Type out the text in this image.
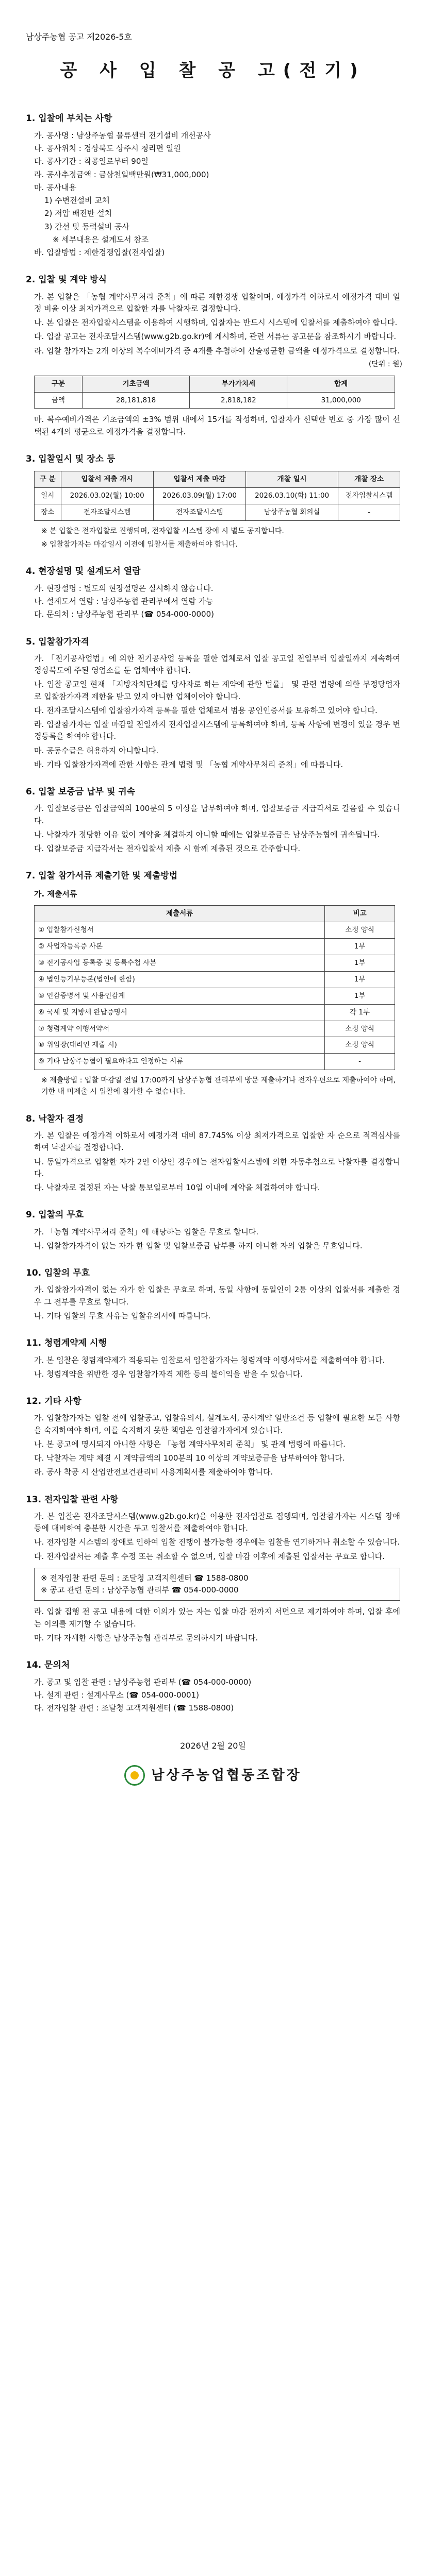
남상주농협 공고 제2026-5호
공 사 입 찰 공 고(전기)
1. 입찰에 부치는 사항
가. 공사명 : 남상주농협 물류센터 전기설비 개선공사
나. 공사위치 : 경상북도 상주시 청리면 일원
다. 공사기간 : 착공일로부터 90일
라. 공사추정금액 : 금삼천일백만원(₩31,000,000)
마. 공사내용
1) 수변전설비 교체
2) 저압 배전반 설치
3) 간선 및 동력설비 공사
※ 세부내용은 설계도서 참조
바. 입찰방법 : 제한경쟁입찰(전자입찰)
2. 입찰 및 계약 방식
가. 본 입찰은 「농협 계약사무처리 준칙」에 따른 제한경쟁 입찰이며, 예정가격 이하로서 예정가격 대비 일정 비율 이상 최저가격으로 입찰한 자를 낙찰자로 결정합니다.
나. 본 입찰은 전자입찰시스템을 이용하여 시행하며, 입찰자는 반드시 시스템에 입찰서를 제출하여야 합니다.
다. 입찰 공고는 전자조달시스템(www.g2b.go.kr)에 게시하며, 관련 서류는 공고문을 참조하시기 바랍니다.
라. 입찰 참가자는 2개 이상의 복수예비가격 중 4개를 추첨하여 산술평균한 금액을 예정가격으로 결정합니다.
(단위 : 원)
구분	기초금액	부가가치세	합계
금액	28,181,818	2,818,182	31,000,000
마. 복수예비가격은 기초금액의 ±3% 범위 내에서 15개를 작성하며, 입찰자가 선택한 번호 중 가장 많이 선택된 4개의 평균으로 예정가격을 결정합니다.
3. 입찰일시 및 장소 등
구 분	입찰서 제출 개시	입찰서 제출 마감	개찰 일시	개찰 장소
일시	2026.03.02(월) 10:00	2026.03.09(월) 17:00	2026.03.10(화) 11:00	전자입찰시스템
장소	전자조달시스템	전자조달시스템	남상주농협 회의실	-
※ 본 입찰은 전자입찰로 진행되며, 전자입찰 시스템 장애 시 별도 공지합니다.
※ 입찰참가자는 마감일시 이전에 입찰서를 제출하여야 합니다.
4. 현장설명 및 설계도서 열람
가. 현장설명 : 별도의 현장설명은 실시하지 않습니다.
나. 설계도서 열람 : 남상주농협 관리부에서 열람 가능
다. 문의처 : 남상주농협 관리부 (☎ 054-000-0000)
5. 입찰참가자격
가. 「전기공사업법」에 의한 전기공사업 등록을 필한 업체로서 입찰 공고일 전일부터 입찰일까지 계속하여 경상북도에 주된 영업소를 둔 업체여야 합니다.
나. 입찰 공고일 현재 「지방자치단체를 당사자로 하는 계약에 관한 법률」 및 관련 법령에 의한 부정당업자로 입찰참가자격 제한을 받고 있지 아니한 업체이어야 합니다.
다. 전자조달시스템에 입찰참가자격 등록을 필한 업체로서 범용 공인인증서를 보유하고 있어야 합니다.
라. 입찰참가자는 입찰 마감일 전일까지 전자입찰시스템에 등록하여야 하며, 등록 사항에 변경이 있을 경우 변경등록을 하여야 합니다.
마. 공동수급은 허용하지 아니합니다.
바. 기타 입찰참가자격에 관한 사항은 관계 법령 및 「농협 계약사무처리 준칙」에 따릅니다.
6. 입찰 보증금 납부 및 귀속
가. 입찰보증금은 입찰금액의 100분의 5 이상을 납부하여야 하며, 입찰보증금 지급각서로 갈음할 수 있습니다.
나. 낙찰자가 정당한 이유 없이 계약을 체결하지 아니할 때에는 입찰보증금은 남상주농협에 귀속됩니다.
다. 입찰보증금 지급각서는 전자입찰서 제출 시 함께 제출된 것으로 간주합니다.
7. 입찰 참가서류 제출기한 및 제출방법
가. 제출서류
제출서류	비고
① 입찰참가신청서	소정 양식
② 사업자등록증 사본	1부
③ 전기공사업 등록증 및 등록수첩 사본	1부
④ 법인등기부등본(법인에 한함)	1부
⑤ 인감증명서 및 사용인감계	1부
⑥ 국세 및 지방세 완납증명서	각 1부
⑦ 청렴계약 이행서약서	소정 양식
⑧ 위임장(대리인 제출 시)	소정 양식
⑨ 기타 남상주농협이 필요하다고 인정하는 서류	-
※ 제출방법 : 입찰 마감일 전일 17:00까지 남상주농협 관리부에 방문 제출하거나 전자우편으로 제출하여야 하며, 기한 내 미제출 시 입찰에 참가할 수 없습니다.
8. 낙찰자 결정
가. 본 입찰은 예정가격 이하로서 예정가격 대비 87.745% 이상 최저가격으로 입찰한 자 순으로 적격심사를 하여 낙찰자를 결정합니다.
나. 동일가격으로 입찰한 자가 2인 이상인 경우에는 전자입찰시스템에 의한 자동추첨으로 낙찰자를 결정합니다.
다. 낙찰자로 결정된 자는 낙찰 통보일로부터 10일 이내에 계약을 체결하여야 합니다.
9. 입찰의 무효
가. 「농협 계약사무처리 준칙」에 해당하는 입찰은 무효로 합니다.
나. 입찰참가자격이 없는 자가 한 입찰 및 입찰보증금 납부를 하지 아니한 자의 입찰은 무효입니다.
10. 입찰의 무효
가. 입찰참가자격이 없는 자가 한 입찰은 무효로 하며, 동일 사항에 동일인이 2통 이상의 입찰서를 제출한 경우 그 전부를 무효로 합니다.
나. 기타 입찰의 무효 사유는 입찰유의서에 따릅니다.
11. 청렴계약제 시행
가. 본 입찰은 청렴계약제가 적용되는 입찰로서 입찰참가자는 청렴계약 이행서약서를 제출하여야 합니다.
나. 청렴계약을 위반한 경우 입찰참가자격 제한 등의 불이익을 받을 수 있습니다.
12. 기타 사항
가. 입찰참가자는 입찰 전에 입찰공고, 입찰유의서, 설계도서, 공사계약 일반조건 등 입찰에 필요한 모든 사항을 숙지하여야 하며, 이를 숙지하지 못한 책임은 입찰참가자에게 있습니다.
나. 본 공고에 명시되지 아니한 사항은 「농협 계약사무처리 준칙」 및 관계 법령에 따릅니다.
다. 낙찰자는 계약 체결 시 계약금액의 100분의 10 이상의 계약보증금을 납부하여야 합니다.
라. 공사 착공 시 산업안전보건관리비 사용계획서를 제출하여야 합니다.
13. 전자입찰 관련 사항
가. 본 입찰은 전자조달시스템(www.g2b.go.kr)을 이용한 전자입찰로 집행되며, 입찰참가자는 시스템 장애 등에 대비하여 충분한 시간을 두고 입찰서를 제출하여야 합니다.
나. 전자입찰 시스템의 장애로 인하여 입찰 진행이 불가능한 경우에는 입찰을 연기하거나 취소할 수 있습니다.
다. 전자입찰서는 제출 후 수정 또는 취소할 수 없으며, 입찰 마감 이후에 제출된 입찰서는 무효로 합니다.
※ 전자입찰 관련 문의 : 조달청 고객지원센터 ☎ 1588-0800
※ 공고 관련 문의 : 남상주농협 관리부 ☎ 054-000-0000
라. 입찰 집행 전 공고 내용에 대한 이의가 있는 자는 입찰 마감 전까지 서면으로 제기하여야 하며, 입찰 후에는 이의를 제기할 수 없습니다.
마. 기타 자세한 사항은 남상주농협 관리부로 문의하시기 바랍니다.
14. 문의처
가. 공고 및 입찰 관련 : 남상주농협 관리부 (☎ 054-000-0000)
나. 설계 관련 : 설계사무소 (☎ 054-000-0001)
다. 전자입찰 관련 : 조달청 고객지원센터 (☎ 1588-0800)
2026년 2월 20일
남상주농업협동조합장
